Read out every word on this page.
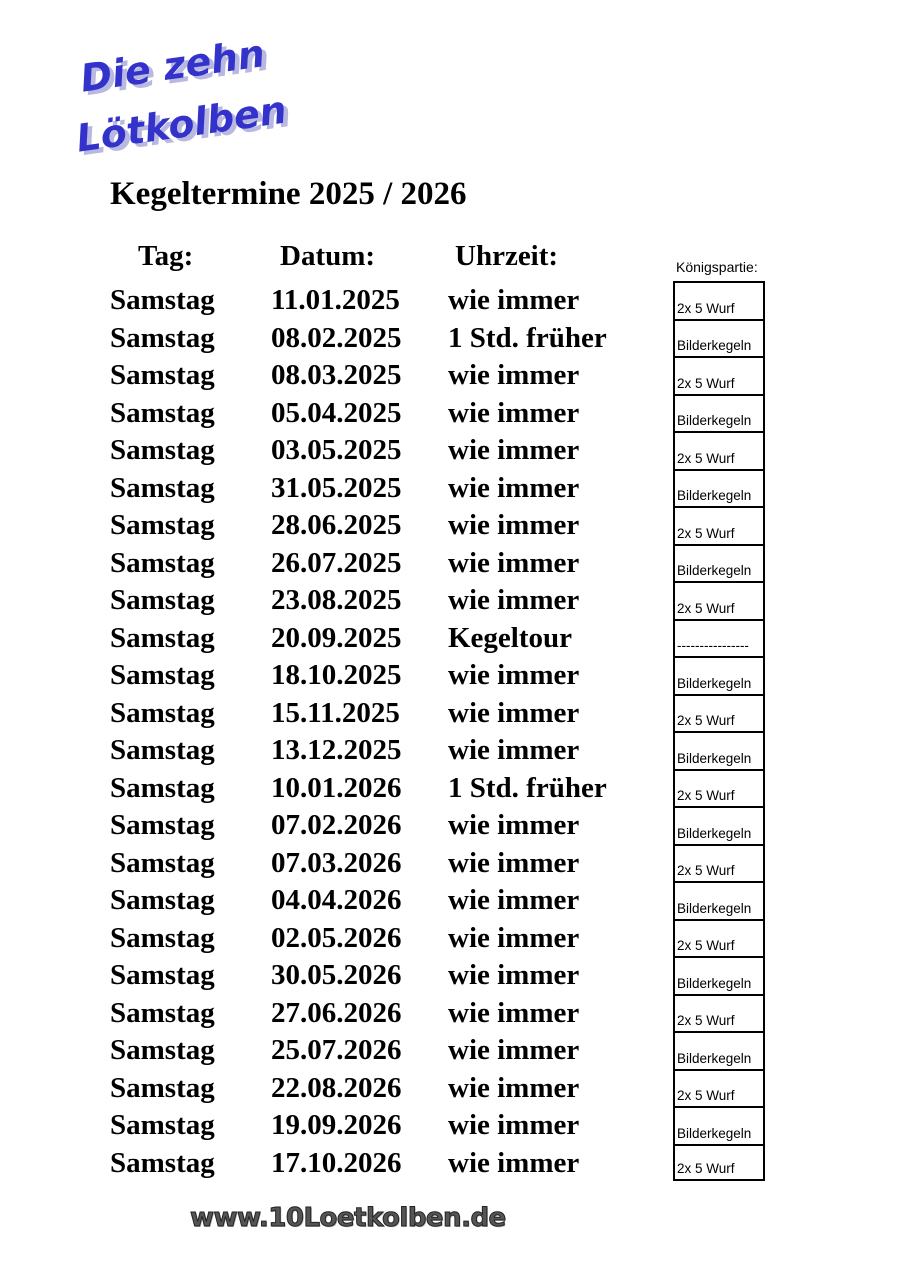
Die zehn
Lötkolben
Kegeltermine 2025 / 2026
Tag:	Datum:	Uhrzeit:	Königspartie:
Samstag 11.01.2025 wie immer	2x 5 Wurf
Samstag 08.02.2025 1 Std. früher	Bilderkegeln
Samstag 08.03.2025 wie immer	2x 5 Wurf
Samstag 05.04.2025 wie immer	Bilderkegeln
Samstag 03.05.2025 wie immer	2x 5 Wurf
Samstag 31.05.2025 wie immer	Bilderkegeln
Samstag 28.06.2025 wie immer	2x 5 Wurf
Samstag 26.07.2025 wie immer	Bilderkegeln
Samstag 23.08.2025 wie immer	2x 5 Wurf
Samstag 20.09.2025 Kegeltour	----------------
Samstag 18.10.2025 wie immer	Bilderkegeln
Samstag 15.11.2025 wie immer	2x 5 Wurf
Samstag 13.12.2025 wie immer	Bilderkegeln
Samstag 10.01.2026 1 Std. früher	2x 5 Wurf
Samstag 07.02.2026 wie immer	Bilderkegeln
Samstag 07.03.2026 wie immer	2x 5 Wurf
Samstag 04.04.2026 wie immer	Bilderkegeln
Samstag 02.05.2026 wie immer	2x 5 Wurf
Samstag 30.05.2026 wie immer	Bilderkegeln
Samstag 27.06.2026 wie immer	2x 5 Wurf
Samstag 25.07.2026 wie immer	Bilderkegeln
Samstag 22.08.2026 wie immer	2x 5 Wurf
Samstag 19.09.2026 wie immer	Bilderkegeln
Samstag 17.10.2026 wie immer	2x 5 Wurf
www.10Loetkolben.de
